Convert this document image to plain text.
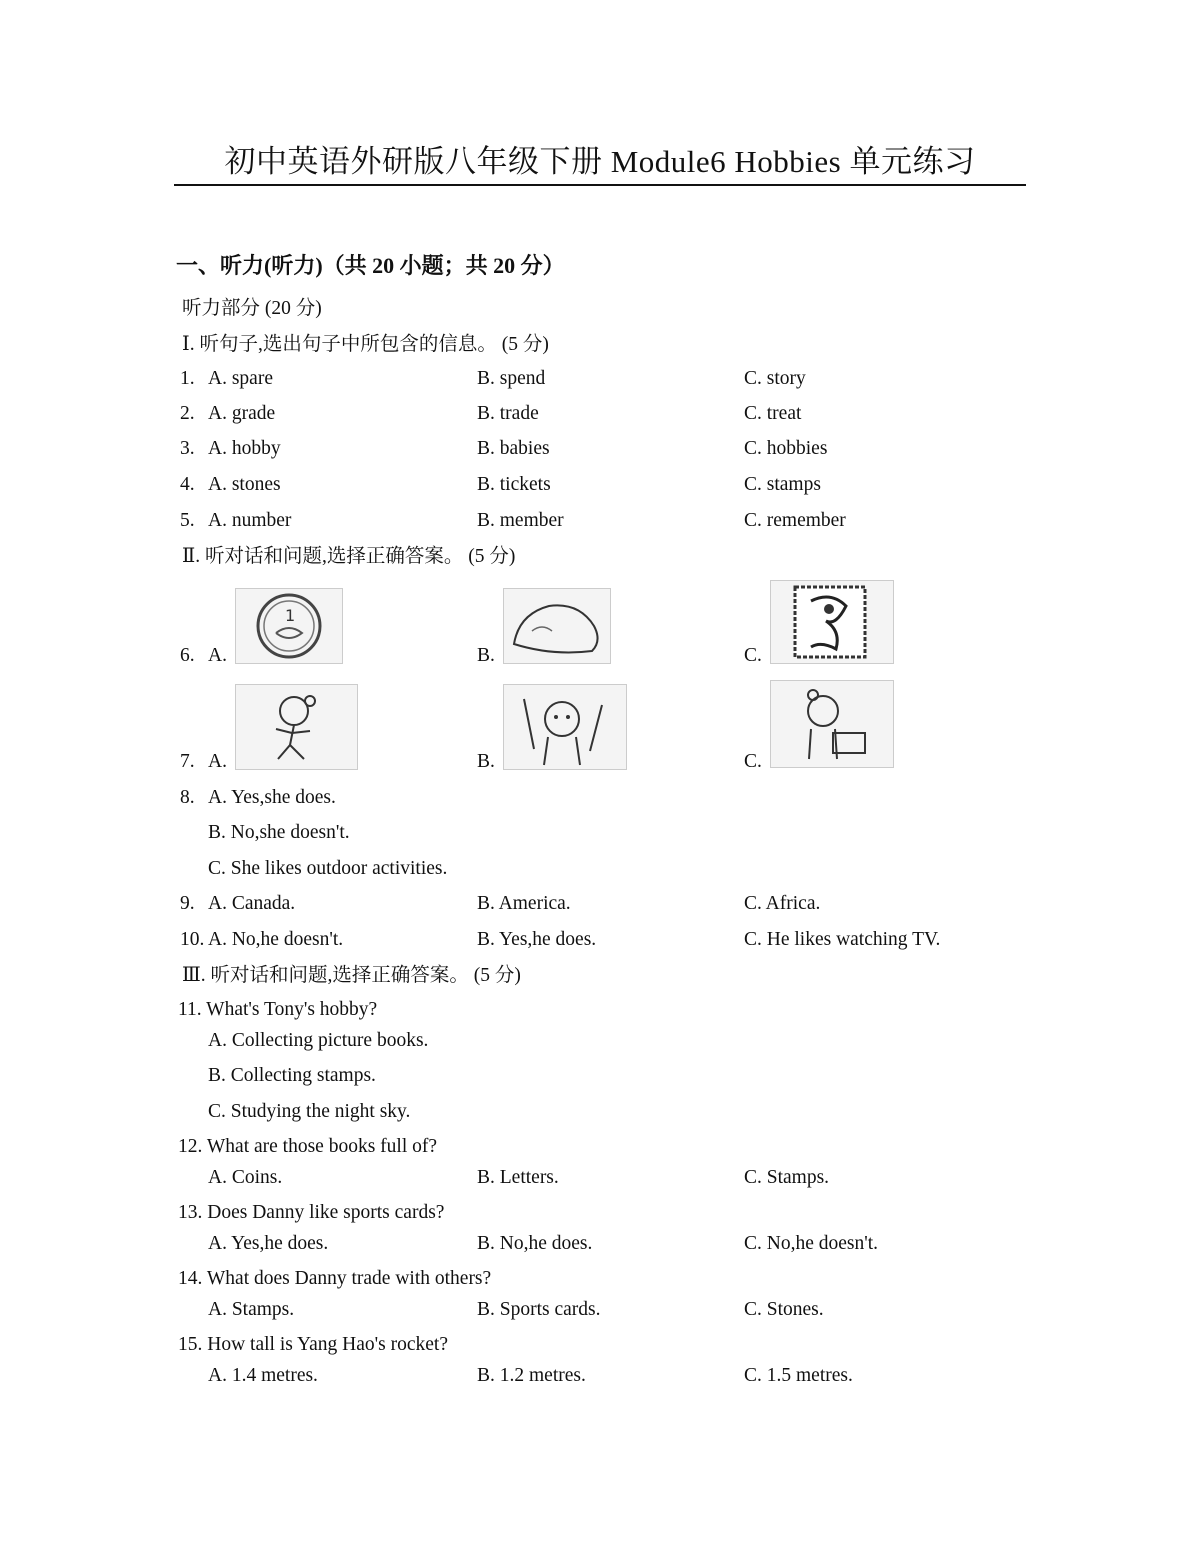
初中英语外研版八年级下册 Module6 Hobbies 单元练习
一、听力(听力)（共 20 小题；共 20 分）
听力部分 (20 分)
Ⅰ. 听句子,选出句子中所包含的信息。 (5 分)
1. A. spare	B. spend	C. story
2. A. grade	B. trade	C. treat
3. A. hobby	B. babies	C. hobbies
4. A. stones	B. tickets	C. stamps
5. A. number	B. member	C. remember
Ⅱ. 听对话和问题,选择正确答案。 (5 分)
6. A.	B.	C.
1
7. A.	B.	C.
8. A. Yes,she does.
B. No,she doesn't.
C. She likes outdoor activities.
9. A. Canada.	B. America.	C. Africa.
10. A. No,he doesn't.	B. Yes,he does.	C. He likes watching TV.
Ⅲ. 听对话和问题,选择正确答案。 (5 分)
11. What's Tony's hobby?
A. Collecting picture books.
B. Collecting stamps.
C. Studying the night sky.
12. What are those books full of?
A. Coins.	B. Letters.	C. Stamps.
13. Does Danny like sports cards?
A. Yes,he does.	B. No,he does.	C. No,he doesn't.
14. What does Danny trade with others?
A. Stamps.	B. Sports cards.	C. Stones.
15. How tall is Yang Hao's rocket?
A. 1.4 metres.	B. 1.2 metres.	C. 1.5 metres.
